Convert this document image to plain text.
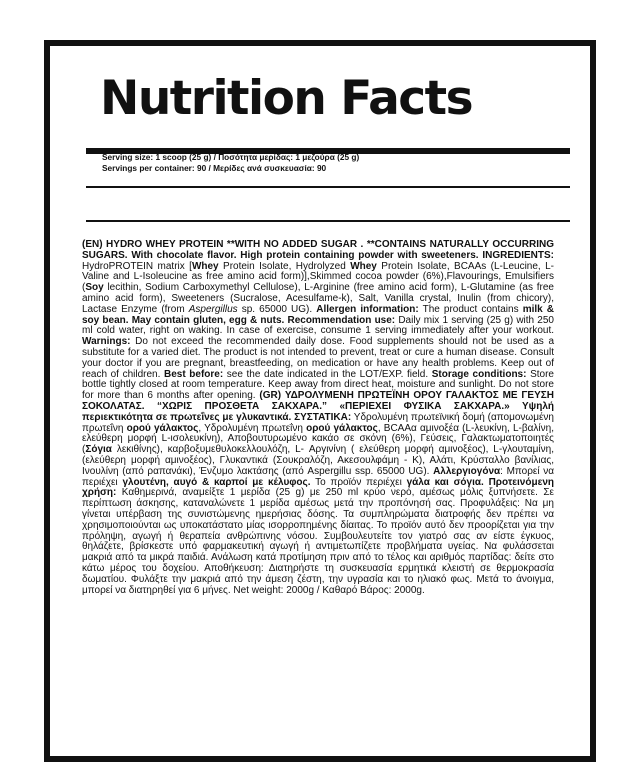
Nutrition Facts
Serving size: 1 scoop (25 g) / Ποσότητα μερίδας: 1 μεζούρα (25 g)
Servings per container: 90 / Μερίδες ανά συσκευασία: 90
(EN) HYDRO WHEY PROTEIN **WITH NO ADDED SUGAR . **CONTAINS NATURALLY OCCURRING SUGARS. With chocolate flavor. High protein containing powder with sweeteners. INGREDIENTS: HydroPROTEIN matrix [Whey Protein Isolate, Hydrolyzed Whey Protein Isolate, BCAAs (L-Leucine, L-Valine and L-Isoleucine as free amino acid form)],Skimmed cocoa powder (6%),Flavourings, Emulsifiers (Soy lecithin, Sodium Carboxymethyl Cellulose), L-Arginine (free amino acid form), L-Glutamine (as free amino acid form), Sweeteners (Sucralose, Acesulfame-k), Salt, Vanilla crystal, Inulin (from chicory), Lactase Enzyme (from Aspergillus sp. 65000 UG). Allergen information: The product contains milk & soy bean. May contain gluten, egg & nuts. Recommendation use: Daily mix 1 serving (25 g) with 250 ml cold water, right on waking. In case of exercise, consume 1 serving immediately after your workout. Warnings: Do not exceed the recommended daily dose. Food supplements should not be used as a substitute for a varied diet. The product is not intended to prevent, treat or cure a human disease. Consult your doctor if you are pregnant, breastfeeding, on medication or have any health problems. Keep out of reach of children. Best before: see the date indicated in the LOT/EXP. field. Storage conditions: Store bottle tightly closed at room temperature. Keep away from direct heat, moisture and sunlight. Do not store for more than 6 months after opening. (GR) ΥΔΡΟΛΥΜΕΝΗ ΠΡΩΤΕΪΝΗ ΟΡΟΥ ΓΑΛΑΚΤΟΣ ΜΕ ΓΕΥΣΗ ΣΟΚΟΛΑΤΑΣ. “ΧΩΡΙΣ ΠΡΟΣΘΕΤΑ ΣΑΚΧΑΡΑ.” «ΠΕΡΙΕΧΕΙ ΦΥΣΙΚΑ ΣΑΚΧΑΡΑ.» Υψηλή περιεκτικότητα σε πρωτεΐνες με γλυκαντικά. ΣΥΣΤΑΤΙΚΑ: Υδρολυμένη πρωτεϊνική δομή (απομονωμένη πρωτεΐνη ορού γάλακτος, Υδρολυμένη πρωτεΐνη ορού γάλακτος, BCAAα αμινοξέα (L-λευκίνη, L-βαλίνη, ελεύθερη μορφή L-ισολευκίνη), Αποβουτυρωμένο κακάο σε σκόνη (6%), Γεύσεις, Γαλακτωματοποιητές (Σόγια λεκιθίνης), καρβοξυμεθυλοκελλουλόζη, L- Αργινίνη ( ελεύθερη μορφή αμινοξέος), L-γλουταμίνη, (ελεύθερη μορφή αμινοξέος), Γλυκαντικά (Σουκραλόζη, Ακεσουλφάμη - K), Αλάτι, Κρύσταλλο βανίλιας, Ινουλίνη (από ραπανάκι), Ένζυμο λακτάσης (από Aspergillu ssp. 65000 UG). Αλλεργιογόνα: Μπορεί να περιέχει γλουτένη, αυγό & καρποί με κέλυφος. Το προϊόν περιέχει γάλα και σόγια. Προτεινόμενη χρήση: Καθημερινά, αναμείξτε 1 μερίδα (25 g) με 250 ml κρύο νερό, αμέσως μόλις ξυπνήσετε. Σε περίπτωση άσκησης, καταναλώνετε 1 μερίδα αμέσως μετά την προπόνησή σας. Προφυλάξεις: Να μη γίνεται υπέρβαση της συνιστώμενης ημερήσιας δόσης. Τα συμπληρώματα διατροφής δεν πρέπει να χρησιμοποιούνται ως υποκατάστατο μίας ισορροπημένης δίαιτας. Το προϊόν αυτό δεν προορίζεται για την πρόληψη, αγωγή ή θεραπεία ανθρώπινης νόσου. Συμβουλευτείτε τον γιατρό σας αν είστε έγκυος, θηλάζετε, βρίσκεστε υπό φαρμακευτική αγωγή ή αντιμετωπίζετε προβλήματα υγείας. Να φυλάσσεται μακριά από τα μικρά παιδιά. Ανάλωση κατά προτίμηση πριν από το τέλος και αριθμός παρτίδας: δείτε στο κάτω μέρος του δοχείου. Αποθήκευση: Διατηρήστε τη συσκευασία ερμητικά κλειστή σε θερμοκρασία δωματίου. Φυλάξτε την μακριά από την άμεση ζέστη, την υγρασία και το ηλιακό φως. Μετά το άνοιγμα, μπορεί να διατηρηθεί για 6 μήνες. Net weight: 2000g / Καθαρό Βάρος: 2000g.
